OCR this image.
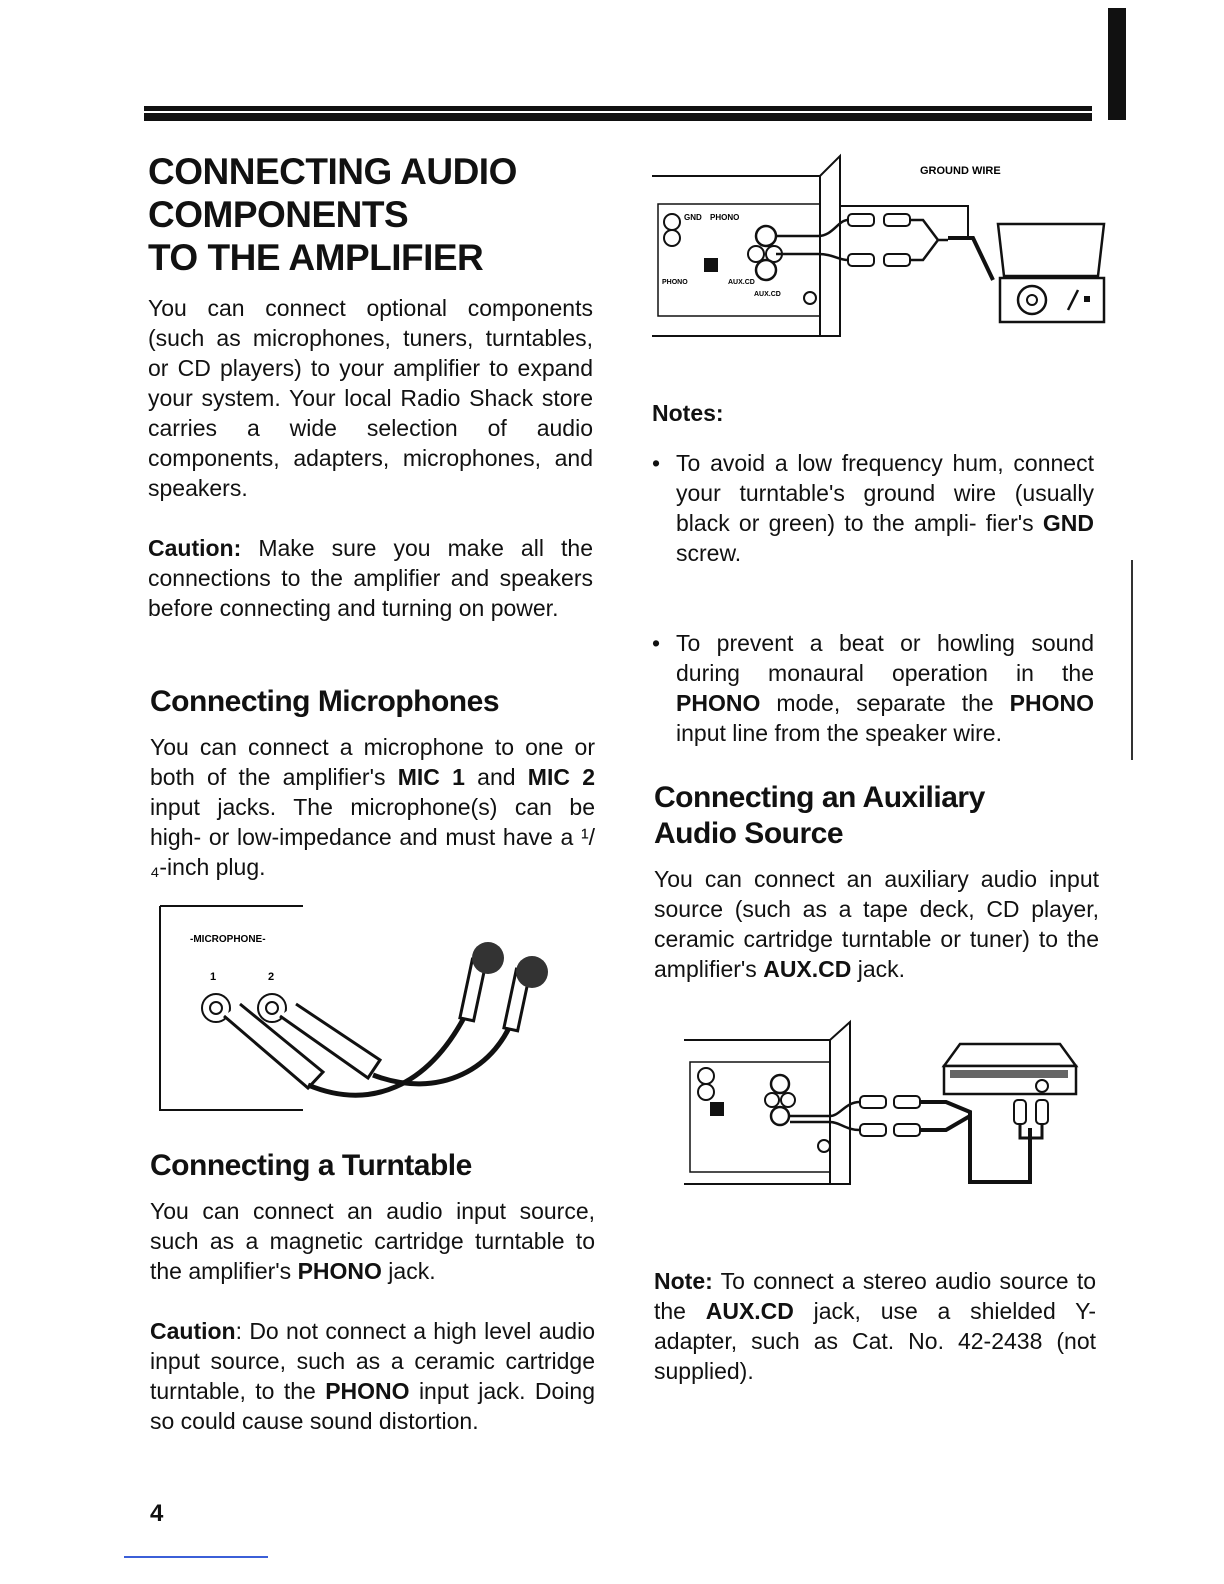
CONNECTING AUDIO
COMPONENTS
TO THE AMPLIFIER

You can connect optional components (such as microphones, tuners, turntables, or CD players) to your amplifier to expand your system. Your local Radio Shack store carries a wide selection of audio components, adapters, microphones, and speakers.

Caution: Make sure you make all the connections to the amplifier and speakers before connecting and turning on power.

Connecting Microphones

You can connect a microphone to one or both of the amplifier's MIC 1 and MIC 2 input jacks. The microphone(s) can be high- or low-impedance and must have a ¹/₄-inch plug.

-MICROPHONE-
1	2
Connecting a Turntable

You can connect an audio input source, such as a magnetic cartridge turntable to the amplifier's PHONO jack.

Caution: Do not connect a high level audio input source, such as a ceramic cartridge turntable, to the PHONO input jack. Doing so could cause sound distortion.

4
GROUND WIRE
GND PHONO
PHONO	AUX.CD
AUX.CD
Notes:
• To avoid a low frequency hum, connect your turntable's ground wire (usually black or green) to the ampli- fier's GND screw.
• To prevent a beat or howling sound during monaural operation in the PHONO mode, separate the PHONO input line from the speaker wire.
Connecting an Auxiliary
Audio Source

You can connect an auxiliary audio input source (such as a tape deck, CD player, ceramic cartridge turntable or tuner) to the amplifier's AUX.CD jack.

Note: To connect a stereo audio source to the AUX.CD jack, use a shielded Y-adapter, such as Cat. No. 42-2438 (not supplied).
